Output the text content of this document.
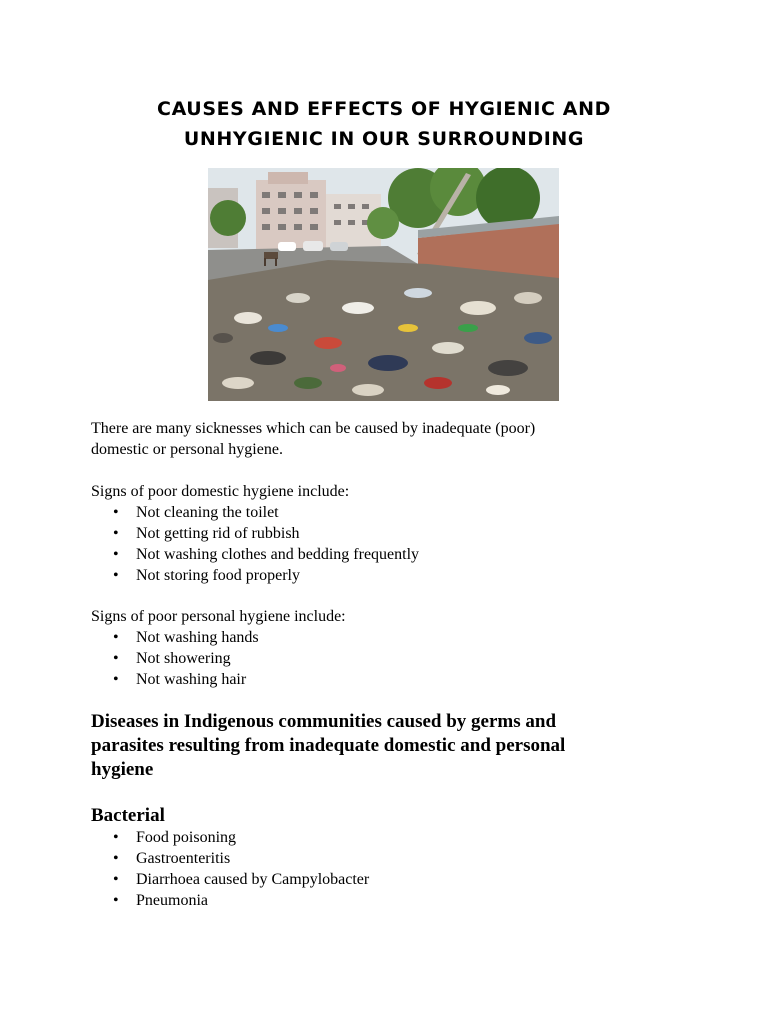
CAUSES AND EFFECTS OF HYGIENIC AND
UNHYGIENIC IN OUR SURROUNDING

There are many sicknesses which can be caused by inadequate (poor)

domestic or personal hygiene.

Signs of poor domestic hygiene include:

• Not cleaning the toilet
• Not getting rid of rubbish
• Not washing clothes and bedding frequently
• Not storing food properly

Signs of poor personal hygiene include:

• Not washing hands
• Not showering
• Not washing hair
Diseases in Indigenous communities caused by germs and
parasites resulting from inadequate domestic and personal
hygiene
Bacterial
• Food poisoning
• Gastroenteritis
• Diarrhoea caused by Campylobacter
• Pneumonia
